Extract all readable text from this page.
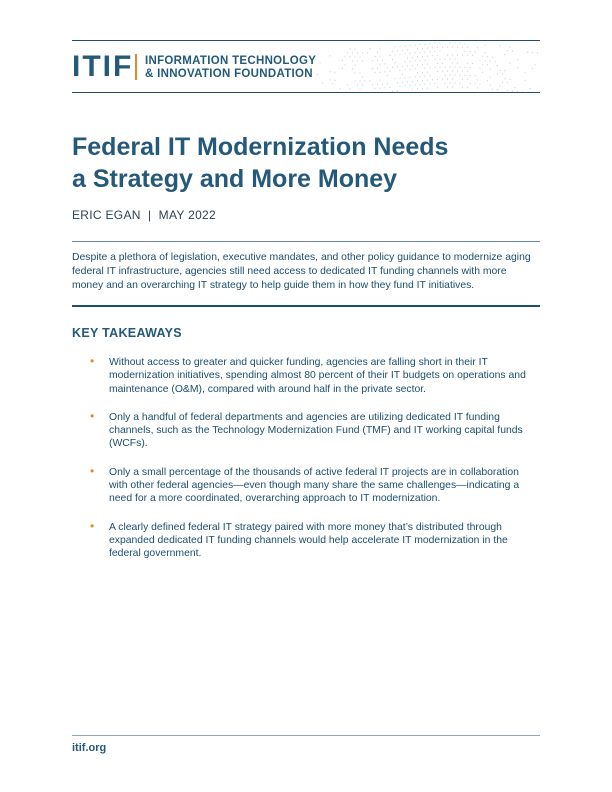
ITIF INFORMATION TECHNOLOGY
& INNOVATION FOUNDATION
Federal IT Modernization Needs
a Strategy and More Money
ERIC EGAN  |  MAY 2022

Despite a plethora of legislation, executive mandates, and other policy guidance to modernize aging federal IT infrastructure, agencies still need access to dedicated IT funding channels with more money and an overarching IT strategy to help guide them in how they fund IT initiatives.

KEY TAKEAWAYS
• Without access to greater and quicker funding, agencies are falling short in their IT modernization initiatives, spending almost 80 percent of their IT budgets on operations and maintenance (O&M), compared with around half in the private sector.
• Only a handful of federal departments and agencies are utilizing dedicated IT funding channels, such as the Technology Modernization Fund (TMF) and IT working capital funds (WCFs).
• Only a small percentage of the thousands of active federal IT projects are in collaboration with other federal agencies—even though many share the same challenges—indicating a need for a more coordinated, overarching approach to IT modernization.
• A clearly defined federal IT strategy paired with more money that’s distributed through expanded dedicated IT funding channels would help accelerate IT modernization in the federal government.
itif.org
